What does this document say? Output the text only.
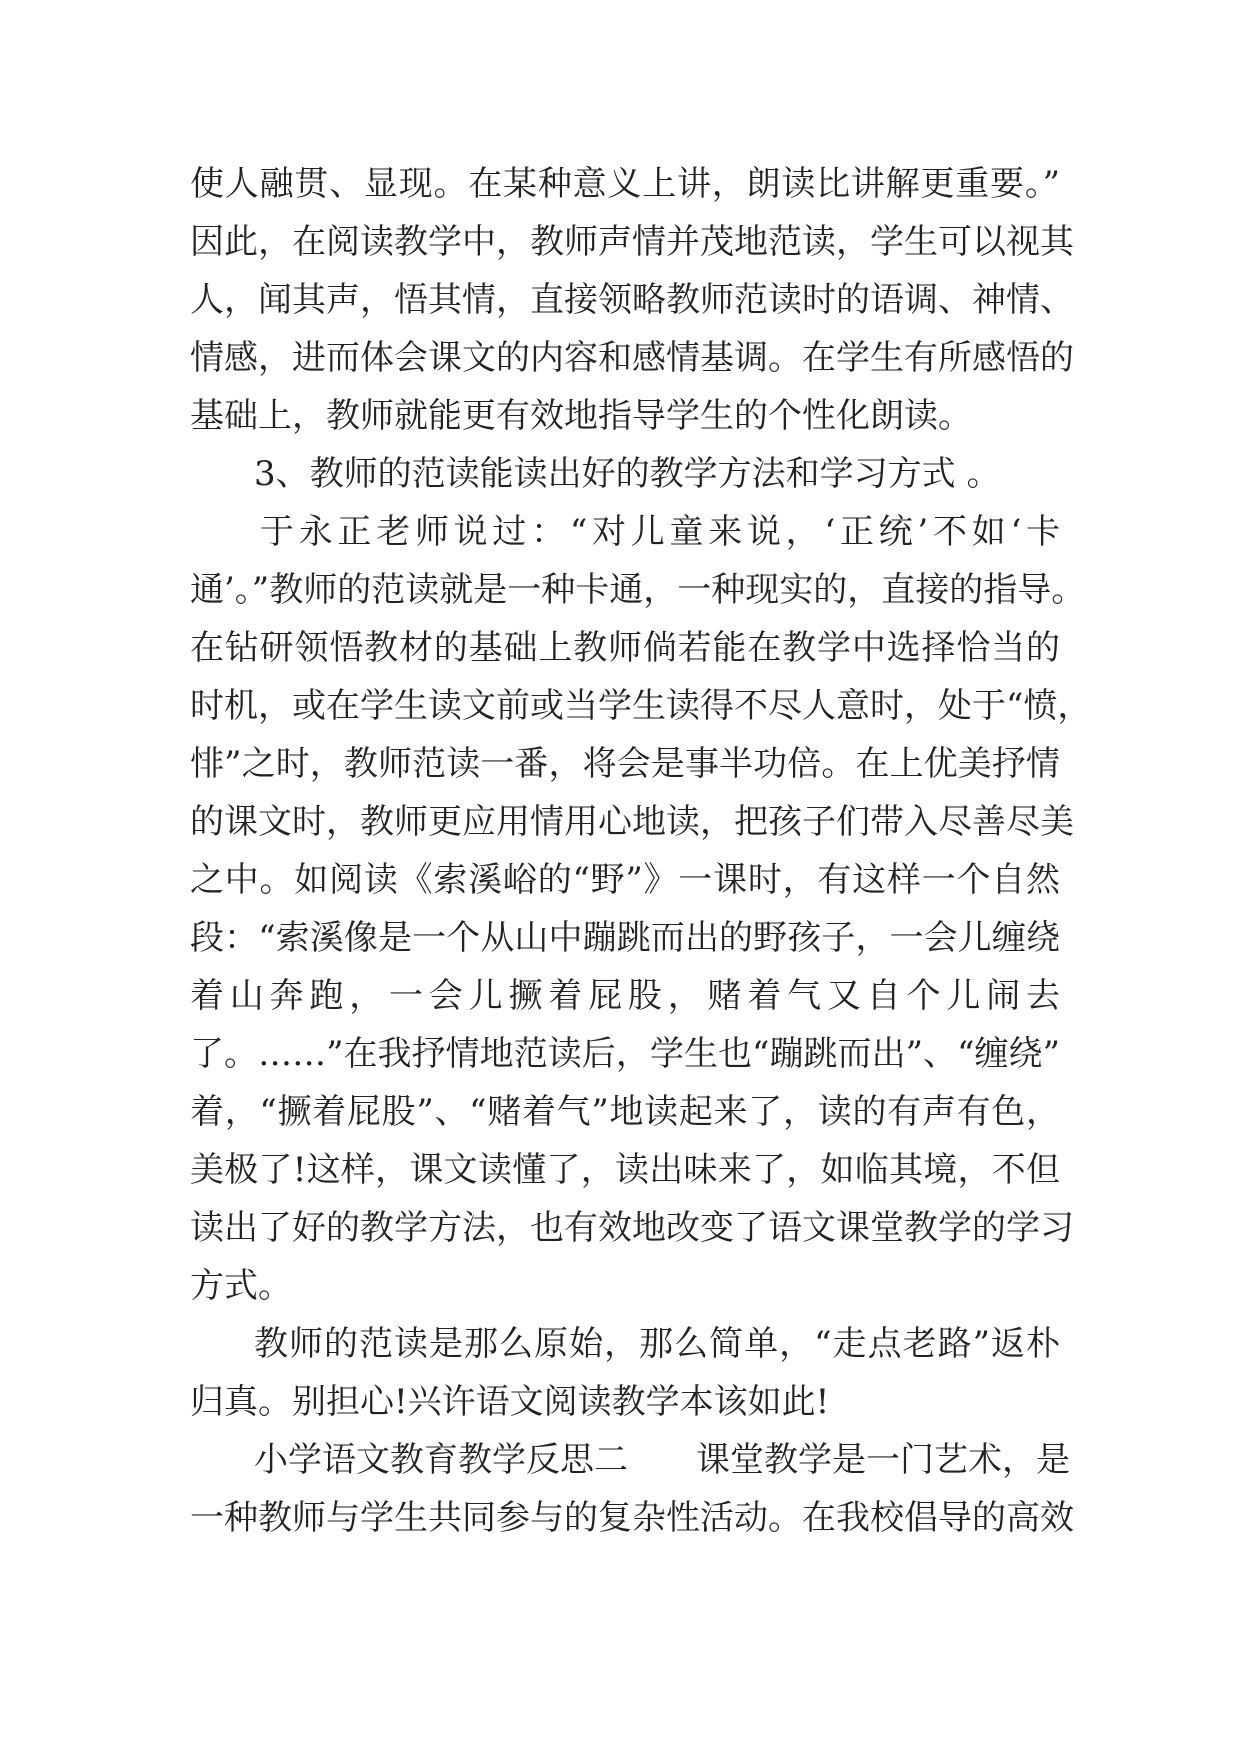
使人融贯、显现。在某种意义上讲，朗读比讲解更重要。”
因此，在阅读教学中，教师声情并茂地范读，学生可以视其
人，闻其声，悟其情，直接领略教师范读时的语调、神情、
情感，进而体会课文的内容和感情基调。在学生有所感悟的
基础上，教师就能更有效地指导学生的个性化朗读。
3、教师的范读能读出好的教学方法和学习方式 。
于永正老师说过：“对儿童来说，‘正统’不如‘卡
通’。”教师的范读就是一种卡通，一种现实的，直接的指导。
在钻研领悟教材的基础上教师倘若能在教学中选择恰当的
时机，或在学生读文前或当学生读得不尽人意时，处于“愤，
悱”之时，教师范读一番，将会是事半功倍。在上优美抒情
的课文时，教师更应用情用心地读，把孩子们带入尽善尽美
之中。如阅读《索溪峪的“野”》一课时，有这样一个自然
段：“索溪像是一个从山中蹦跳而出的野孩子，一会儿缠绕
着山奔跑，一会儿撅着屁股，赌着气又自个儿闹去
了。……”在我抒情地范读后，学生也“蹦跳而出”、“缠绕”
着，“撅着屁股”、“赌着气”地读起来了，读的有声有色，
美极了!这样，课文读懂了，读出味来了，如临其境，不但
读出了好的教学方法，也有效地改变了语文课堂教学的学习
方式。
教师的范读是那么原始，那么简单，“走点老路”返朴
归真。别担心!兴许语文阅读教学本该如此!
小学语文教育教学反思二　　课堂教学是一门艺术，是
一种教师与学生共同参与的复杂性活动。在我校倡导的高效
